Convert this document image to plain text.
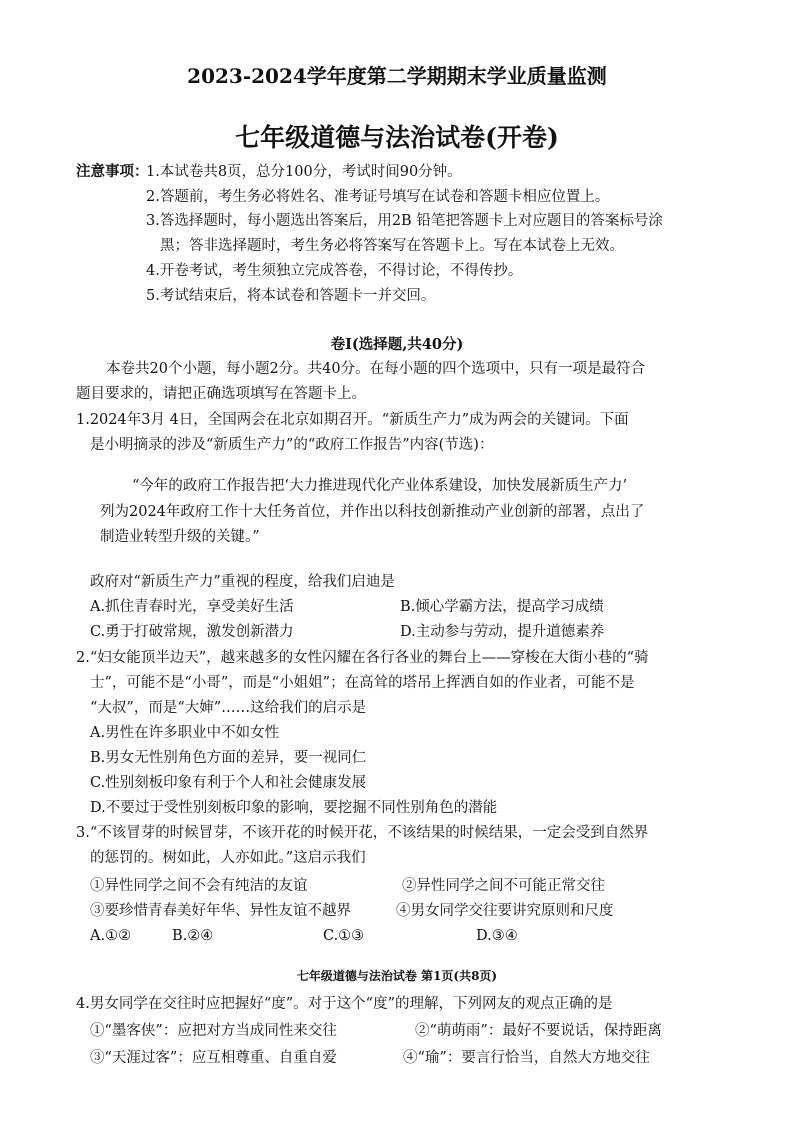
2023-2024学年度第二学期期末学业质量监测
七年级道德与法治试卷(开卷)
注意事项：
1.本试卷共8页，总分100分，考试时间90分钟。
2.答题前，考生务必将姓名、准考证号填写在试卷和答题卡相应位置上。
3.答选择题时，每小题选出答案后，用2B 铅笔把答题卡上对应题目的答案标号涂
黑；答非选择题时，考生务必将答案写在答题卡上。写在本试卷上无效。
4.开卷考试，考生须独立完成答卷，不得讨论，不得传抄。
5.考试结束后，将本试卷和答题卡一并交回。
卷Ⅰ(选择题,共40分)
本卷共20个小题，每小题2分。共40分。在每小题的四个选项中，只有一项是最符合
题目要求的，请把正确选项填写在答题卡上。
1.2024年3月 4日，全国两会在北京如期召开。“新质生产力”成为两会的关键词。下面
是小明摘录的涉及“新质生产力”的“政府工作报告”内容(节选)：
“今年的政府工作报告把‘大力推进现代化产业体系建设，加快发展新质生产力’
列为2024年政府工作十大任务首位，并作出以科技创新推动产业创新的部署，点出了
制造业转型升级的关键。”
政府对“新质生产力”重视的程度，给我们启迪是
A.抓住青春时光，享受美好生活	B.倾心学霸方法，提高学习成绩
C.勇于打破常规，激发创新潜力	D.主动参与劳动，提升道德素养
2.“妇女能顶半边天”，越来越多的女性闪耀在各行各业的舞台上——穿梭在大街小巷的“骑
士”，可能不是“小哥”，而是“小姐姐”；在高耸的塔吊上挥洒自如的作业者，可能不是
“大叔”，而是“大婶”……这给我们的启示是
A.男性在许多职业中不如女性
B.男女无性别角色方面的差异，要一视同仁
C.性别刻板印象有利于个人和社会健康发展
D.不要过于受性别刻板印象的影响，要挖掘不同性别角色的潜能
3.“不该冒芽的时候冒芽，不该开花的时候开花，不该结果的时候结果，一定会受到自然界
的惩罚的。树如此，人亦如此。”这启示我们
①异性同学之间不会有纯洁的友谊	②异性同学之间不可能正常交往
③要珍惜青春美好年华、异性友谊不越界	④男女同学交往要讲究原则和尺度
A.①②	B.②④	C.①③	D.③④
七年级道德与法治试卷 第1页(共8页)
4.男女同学在交往时应把握好“度”。对于这个“度”的理解，下列网友的观点正确的是
①“墨客侠”：应把对方当成同性来交往	②“萌萌雨”：最好不要说话，保持距离
③“天涯过客”：应互相尊重、自重自爱	④“瑜”：要言行恰当，自然大方地交往
